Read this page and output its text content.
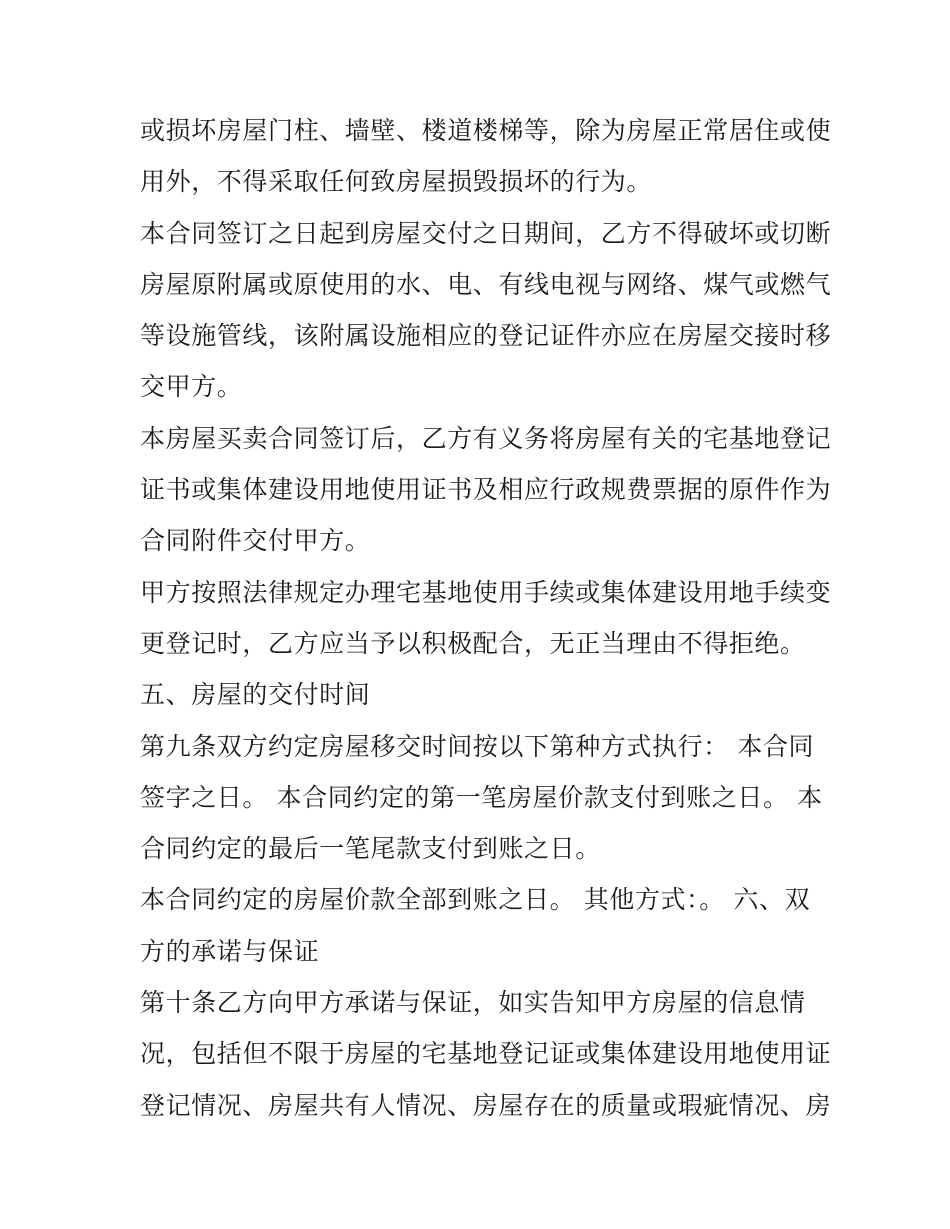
或损坏房屋门柱、墙壁、楼道楼梯等，除为房屋正常居住或使
用外，不得采取任何致房屋损毁损坏的行为。
本合同签订之日起到房屋交付之日期间，乙方不得破坏或切断
房屋原附属或原使用的水、电、有线电视与网络、煤气或燃气
等设施管线，该附属设施相应的登记证件亦应在房屋交接时移
交甲方。
本房屋买卖合同签订后，乙方有义务将房屋有关的宅基地登记
证书或集体建设用地使用证书及相应行政规费票据的原件作为
合同附件交付甲方。
甲方按照法律规定办理宅基地使用手续或集体建设用地手续变
更登记时，乙方应当予以积极配合，无正当理由不得拒绝。
五、房屋的交付时间
第九条双方约定房屋移交时间按以下第种方式执行： 本合同
签字之日。 本合同约定的第一笔房屋价款支付到账之日。 本
合同约定的最后一笔尾款支付到账之日。
本合同约定的房屋价款全部到账之日。 其他方式：。 六、双
方的承诺与保证
第十条乙方向甲方承诺与保证，如实告知甲方房屋的信息情
况，包括但不限于房屋的宅基地登记证或集体建设用地使用证
登记情况、房屋共有人情况、房屋存在的质量或瑕疵情况、房
